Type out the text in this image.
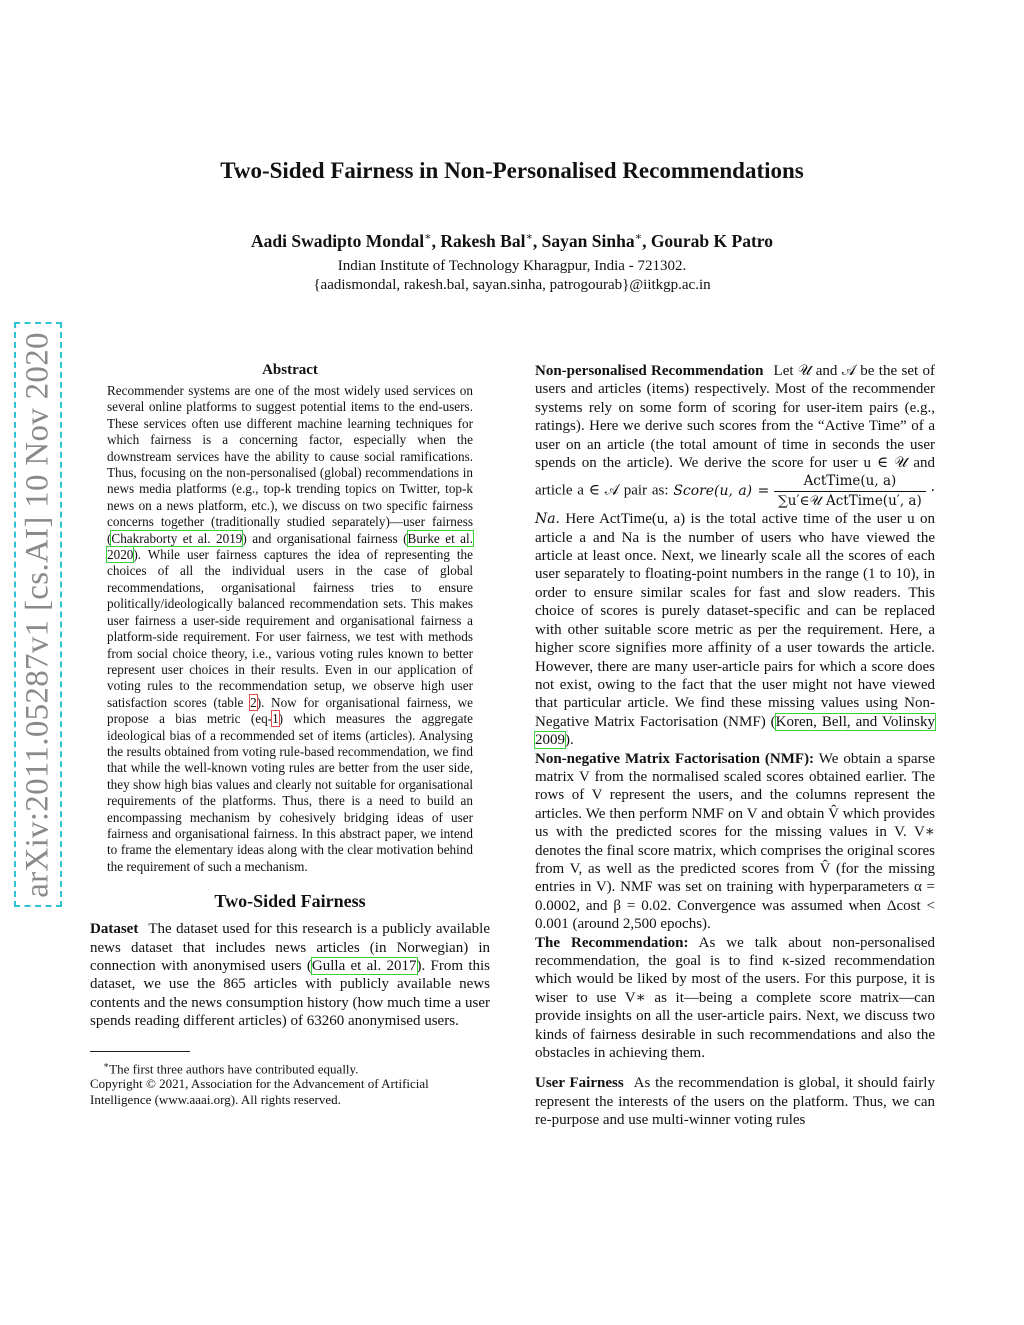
arXiv:2011.05287v1 [cs.AI] 10 Nov 2020
Two-Sided Fairness in Non-Personalised Recommendations
Aadi Swadipto Mondal∗, Rakesh Bal∗, Sayan Sinha∗, Gourab K Patro
Indian Institute of Technology Kharagpur, India - 721302.
{aadismondal, rakesh.bal, sayan.sinha, patrogourab}@iitkgp.ac.in
Abstract

Recommender systems are one of the most widely used services on several online platforms to suggest potential items to the end-users. These services often use different machine learning techniques for which fairness is a concerning factor, especially when the downstream services have the ability to cause social ramifications. Thus, focusing on the non-personalised (global) recommendations in news media platforms (e.g., top-k trending topics on Twitter, top-k news on a news platform, etc.), we discuss on two specific fairness concerns together (traditionally studied separately)—user fairness (Chakraborty et al. 2019) and organisational fairness (Burke et al. 2020). While user fairness captures the idea of representing the choices of all the individual users in the case of global recommendations, organisational fairness tries to ensure politically/ideologically balanced recommendation sets. This makes user fairness a user-side requirement and organisational fairness a platform-side requirement. For user fairness, we test with methods from social choice theory, i.e., various voting rules known to better represent user choices in their results. Even in our application of voting rules to the recommendation setup, we observe high user satisfaction scores (table 2). Now for organisational fairness, we propose a bias metric (eq-1) which measures the aggregate ideological bias of a recommended set of items (articles). Analysing the results obtained from voting rule-based recommendation, we find that while the well-known voting rules are better from the user side, they show high bias values and clearly not suitable for organisational requirements of the platforms. Thus, there is a need to build an encompassing mechanism by cohesively bridging ideas of user fairness and organisational fairness. In this abstract paper, we intend to frame the elementary ideas along with the clear motivation behind the requirement of such a mechanism.

Two-Sided Fairness

Dataset The dataset used for this research is a publicly available news dataset that includes news articles (in Norwegian) in connection with anonymised users (Gulla et al. 2017). From this dataset, we use the 865 articles with publicly available news contents and the news consumption history (how much time a user spends reading different articles) of 63260 anonymised users.

∗The first three authors have contributed equally.

Copyright © 2021, Association for the Advancement of Artificial Intelligence (www.aaai.org). All rights reserved.

Non-personalised Recommendation Let 𝒰 and 𝒜 be the set of users and articles (items) respectively. Most of the recommender systems rely on some form of scoring for user-item pairs (e.g., ratings). Here we derive such scores from the “Active Time” of a user on an article (the total amount of time in seconds the user spends on the article). We derive the score for user u ∈ 𝒰 and article a ∈ 𝒜 pair as: Score(u, $a) = \frac{\text{ActTime(u, a)}}{\text{∑u′∈𝒰 ActTime(u′, a)}} \cdot Na$. Here ActTime(u, a) is the total active time of the user u on article a and Na is the number of users who have viewed the article at least once. Next, we linearly scale all the scores of each user separately to floating-point numbers in the range (1 to 10), in order to ensure similar scales for fast and slow readers. This choice of scores is purely dataset-specific and can be replaced with other suitable score metric as per the requirement. Here, a higher score signifies more affinity of a user towards the article. However, there are many user-article pairs for which a score does not exist, owing to the fact that the user might not have viewed that particular article. We find these missing values using Non-Negative Matrix Factorisation (NMF) (Koren, Bell, and Volinsky 2009).

Non-negative Matrix Factorisation (NMF): We obtain a sparse matrix V from the normalised scaled scores obtained earlier. The rows of V represent the users, and the columns represent the articles. We then perform NMF on V and obtain V̂ which provides us with the predicted scores for the missing values in V. V∗ denotes the final score matrix, which comprises the original scores from V, as well as the predicted scores from V̂ (for the missing entries in V). NMF was set on training with hyperparameters α = 0.0002, and β = 0.02. Convergence was assumed when Δcost < 0.001 (around 2,500 epochs).

The Recommendation: As we talk about non-personalised recommendation, the goal is to find κ-sized recommendation which would be liked by most of the users. For this purpose, it is wiser to use V∗ as it—being a complete score matrix—can provide insights on all the user-article pairs. Next, we discuss two kinds of fairness desirable in such recommendations and also the obstacles in achieving them.

User Fairness As the recommendation is global, it should fairly represent the interests of the users on the platform. Thus, we can re-purpose and use multi-winner voting rules
